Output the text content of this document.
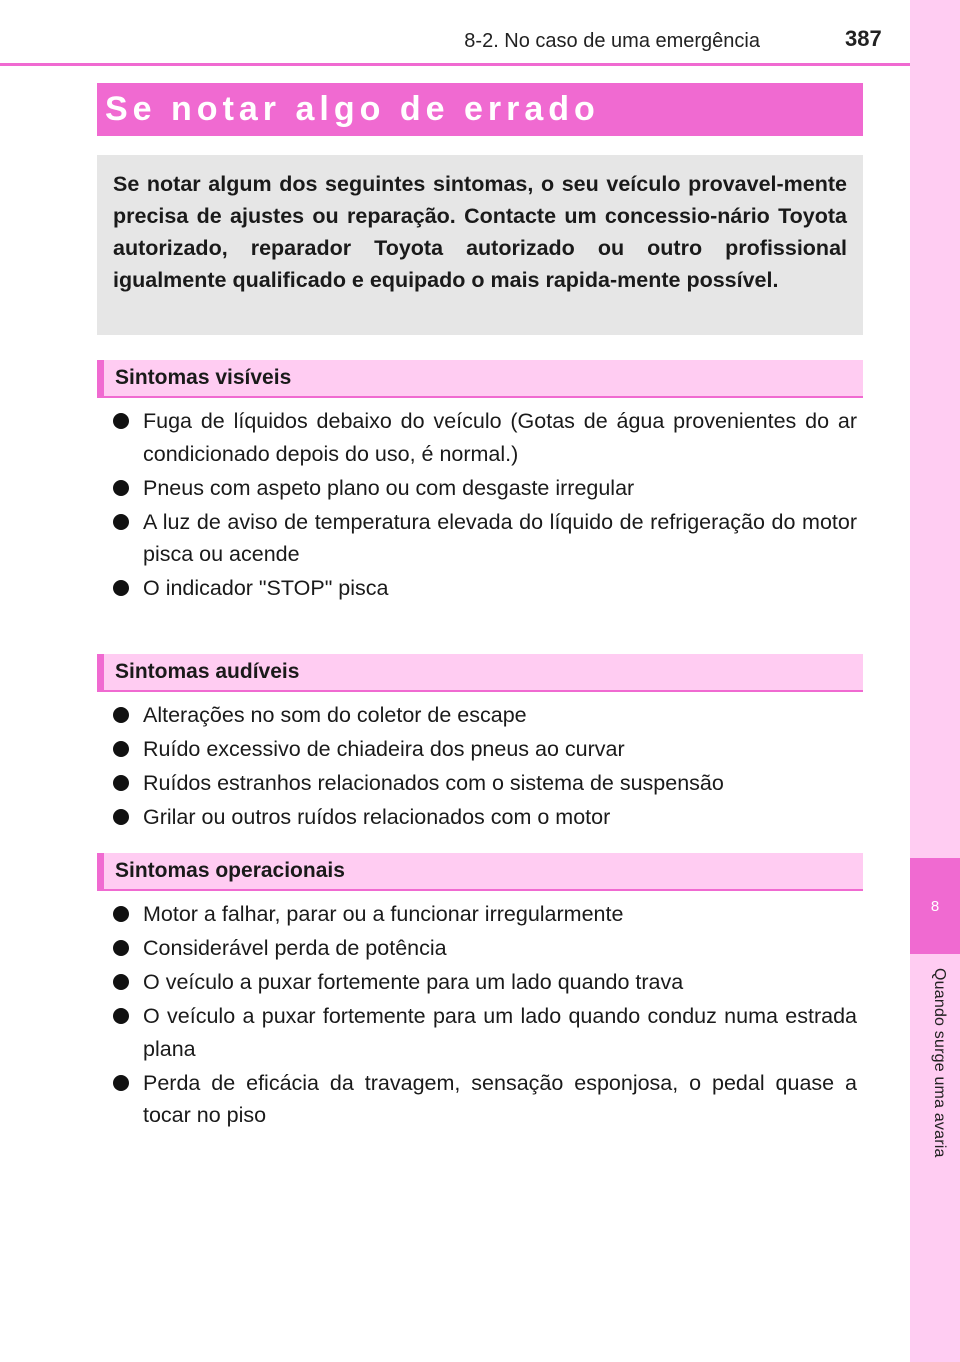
8
Quando surge uma avaria
8-2. No caso de uma emergência	387
Se notar algo de errado
Se notar algum dos seguintes sintomas, o seu veículo provavel-mente precisa de ajustes ou reparação. Contacte um concessio-nário Toyota autorizado, reparador Toyota autorizado ou outro profissional igualmente qualificado e equipado o mais rapida-mente possível.
Sintomas visíveis
Fuga de líquidos debaixo do veículo (Gotas de água provenientes do ar condicionado depois do uso, é normal.)
Pneus com aspeto plano ou com desgaste irregular
A luz de aviso de temperatura elevada do líquido de refrigeração do motor pisca ou acende
O indicador "STOP" pisca
Sintomas audíveis
Alterações no som do coletor de escape
Ruído excessivo de chiadeira dos pneus ao curvar
Ruídos estranhos relacionados com o sistema de suspensão
Grilar ou outros ruídos relacionados com o motor
Sintomas operacionais
Motor a falhar, parar ou a funcionar irregularmente
Considerável perda de potência
O veículo a puxar fortemente para um lado quando trava
O veículo a puxar fortemente para um lado quando conduz numa estrada plana
Perda de eficácia da travagem, sensação esponjosa, o pedal quase a tocar no piso
